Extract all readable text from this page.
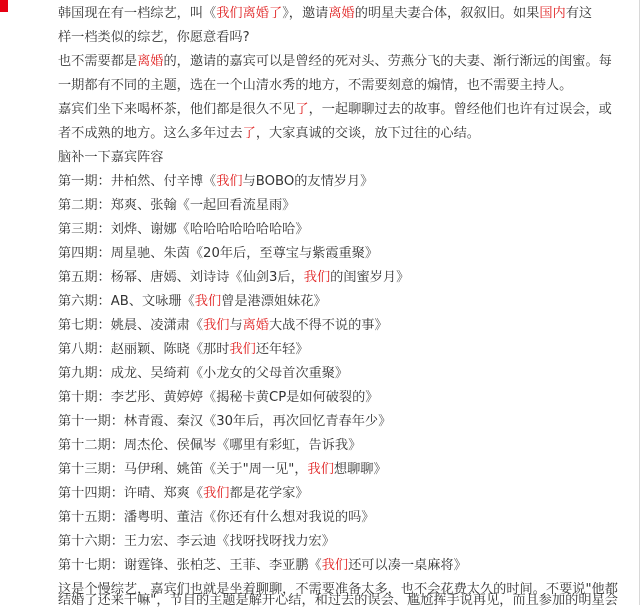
韩国现在有一档综艺，叫《我们离婚了》，邀请离婚的明星夫妻合体，叙叙旧。如果国内有这
样一档类似的综艺，你愿意看吗?
也不需要都是离婚的，邀请的嘉宾可以是曾经的死对头、劳燕分飞的夫妻、渐行渐远的闺蜜。每
一期都有不同的主题，选在一个山清水秀的地方，不需要刻意的煽情，也不需要主持人。
嘉宾们坐下来喝杯茶，他们都是很久不见了，一起聊聊过去的故事。曾经他们也许有过误会，或
者不成熟的地方。这么多年过去了，大家真诚的交谈，放下过往的心结。
脑补一下嘉宾阵容
第一期：井柏然、付辛博《我们与BOBO的友情岁月》
第二期：郑爽、张翰《一起回看流星雨》
第三期：刘烨、谢娜《哈哈哈哈哈哈哈哈》
第四期：周星驰、朱茵《20年后，至尊宝与紫霞重聚》
第五期：杨幂、唐嫣、刘诗诗《仙剑3后，我们的闺蜜岁月》
第六期：AB、文咏珊《我们曾是港漂姐妹花》
第七期：姚晨、凌潇肃《我们与离婚大战不得不说的事》
第八期：赵丽颖、陈晓《那时我们还年轻》
第九期：成龙、吴绮莉《小龙女的父母首次重聚》
第十期：李艺彤、黄婷婷《揭秘卡黄CP是如何破裂的》
第十一期：林青霞、秦汉《30年后，再次回忆青春年少》
第十二期：周杰伦、侯佩岑《哪里有彩虹，告诉我》
第十三期：马伊琍、姚笛《关于"周一见"，我们想聊聊》
第十四期：许晴、郑爽《我们都是花学家》
第十五期：潘粤明、董洁《你还有什么想对我说的吗》
第十六期：王力宏、李云迪《找呀找呀找力宏》
第十七期：谢霆锋、张柏芝、王菲、李亚鹏《我们还可以凑一桌麻将》
这是个慢综艺，嘉宾们也就是坐着聊聊，不需要准备太多，也不会花费太久的时间。不要说"他都
结婚了还来干嘛"，节目的主题是解开心结，和过去的误会、尴尬挥手说再见，而且参加的明星会
